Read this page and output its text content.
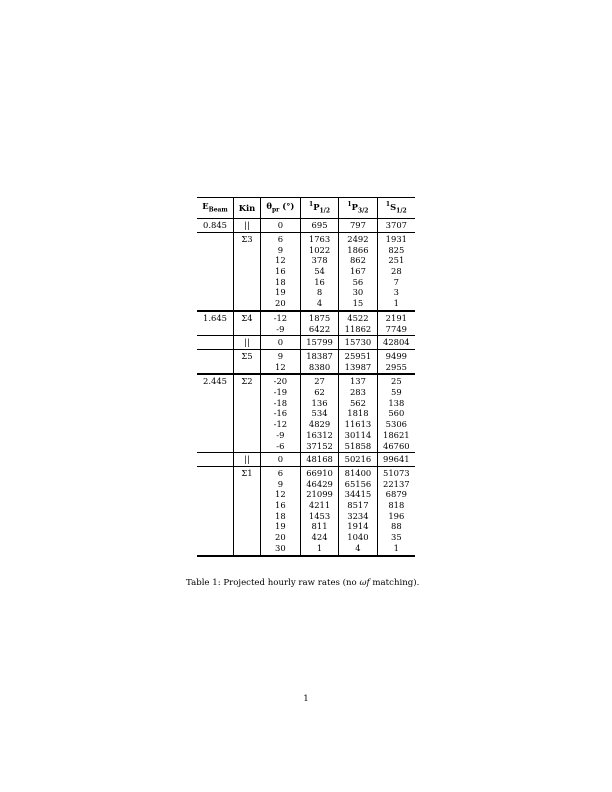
$E_{Beam}$	Kin	$\theta_{pr}$ (°)	$^1P_{1/2}$	$^1P_{3/2}$	$^1S_{1/2}$
0.845	||	0	695	797	3707
	Σ3	6	1763	2492	1931
		9	1022	1866	825
		12	378	862	251
		16	54	167	28
		18	16	56	7
		19	8	30	3
		20	4	15	1
1.645	Σ4	-12	1875	4522	2191
		-9	6422	11862	7749
	||	0	15799	15730	42804
	Σ5	9	18387	25951	9499
		12	8380	13987	2955
2.445	Σ2	-20	27	137	25
		-19	62	283	59
		-18	136	562	138
		-16	534	1818	560
		-12	4829	11613	5306
		-9	16312	30114	18621
		-6	37152	51858	46760
	||	0	48168	50216	99641
	Σ1	6	66910	81400	51073
		9	46429	65156	22137
		12	21099	34415	6879
		16	4211	8517	818
		18	1453	3234	196
		19	811	1914	88
		20	424	1040	35
		30	1	4	1

Table 1: Projected hourly raw rates (no ωf matching).
1
